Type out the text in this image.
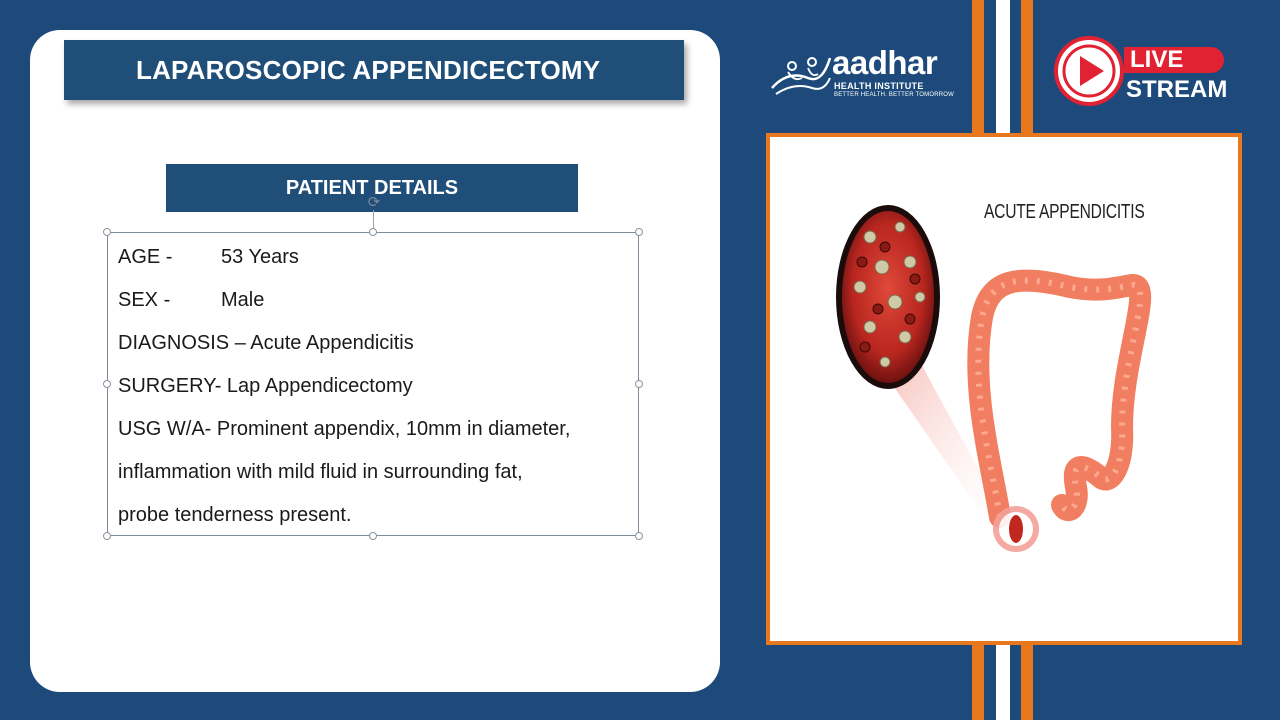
LAPAROSCOPIC APPENDICECTOMY
PATIENT DETAILS
⟳
AGE - 53 Years
SEX -	Male
DIAGNOSIS – Acute Appendicitis
SURGERY- Lap Appendicectomy
USG W/A- Prominent appendix, 10mm in diameter,
inflammation with mild fluid in surrounding fat,
probe tenderness present.
aadhar
HEALTH INSTITUTE
BETTER HEALTH. BETTER TOMORROW
LIVE
STREAM
ACUTE APPENDICITIS
